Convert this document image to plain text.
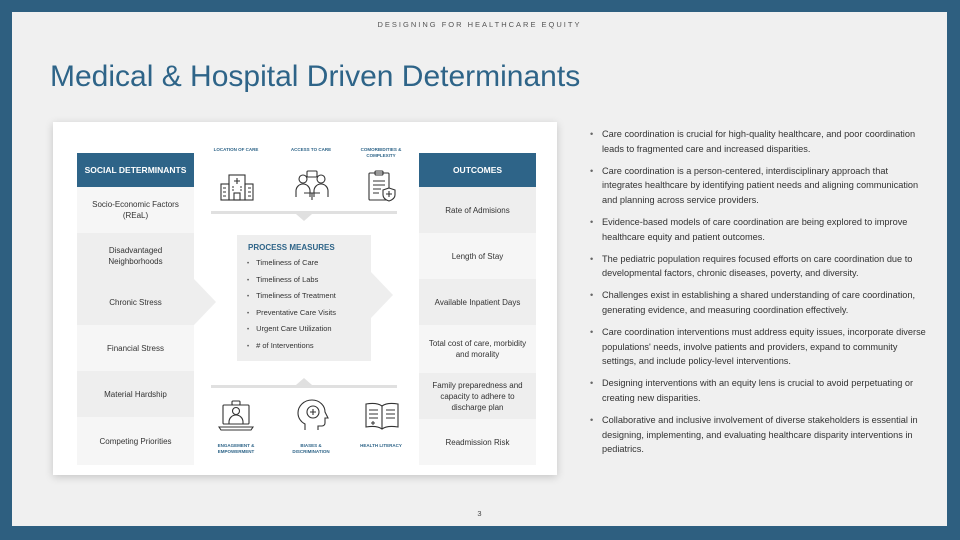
DESIGNING FOR HEALTHCARE EQUITY
Medical & Hospital Driven Determinants
SOCIAL DETERMINANTS
Socio-Economic Factors (REaL)
Disadvantaged Neighborhoods
Chronic Stress
Financial Stress
Material Hardship
Competing Priorities
OUTCOMES
Rate of Admisions
Length of Stay
Available Inpatient Days
Total cost of care, morbidity and morality
Family preparedness and capacity to adhere to discharge plan
Readmission Risk
LOCATION OF CARE	ACCESS TO CARE	COMORBIDITIES & COMPLEXITY
PROCESS MEASURES
• Timeliness of Care
• Timeliness of Labs
• Timeliness of Treatment
• Preventative Care Visits
• Urgent Care Utilization
• # of Interventions
ENGAGEMENT & EMPOWERMENT
BIASES & DISCRIMINATION
HEALTH LITERACY
• Care coordination is crucial for high-quality healthcare, and poor coordination leads to fragmented care and increased disparities.
• Care coordination is a person-centered, interdisciplinary approach that integrates healthcare by identifying patient needs and aligning communication and planning across service providers.
• Evidence-based models of care coordination are being explored to improve healthcare equity and patient outcomes.
• The pediatric population requires focused efforts on care coordination due to developmental factors, chronic diseases, poverty, and diversity.
• Challenges exist in establishing a shared understanding of care coordination, generating evidence, and measuring coordination effectively.
• Care coordination interventions must address equity issues, incorporate diverse populations' needs, involve patients and providers, expand to community settings, and include policy-level interventions.
• Designing interventions with an equity lens is crucial to avoid perpetuating or creating new disparities.
• Collaborative and inclusive involvement of diverse stakeholders is essential in designing, implementing, and evaluating healthcare disparity interventions in pediatrics.
3
